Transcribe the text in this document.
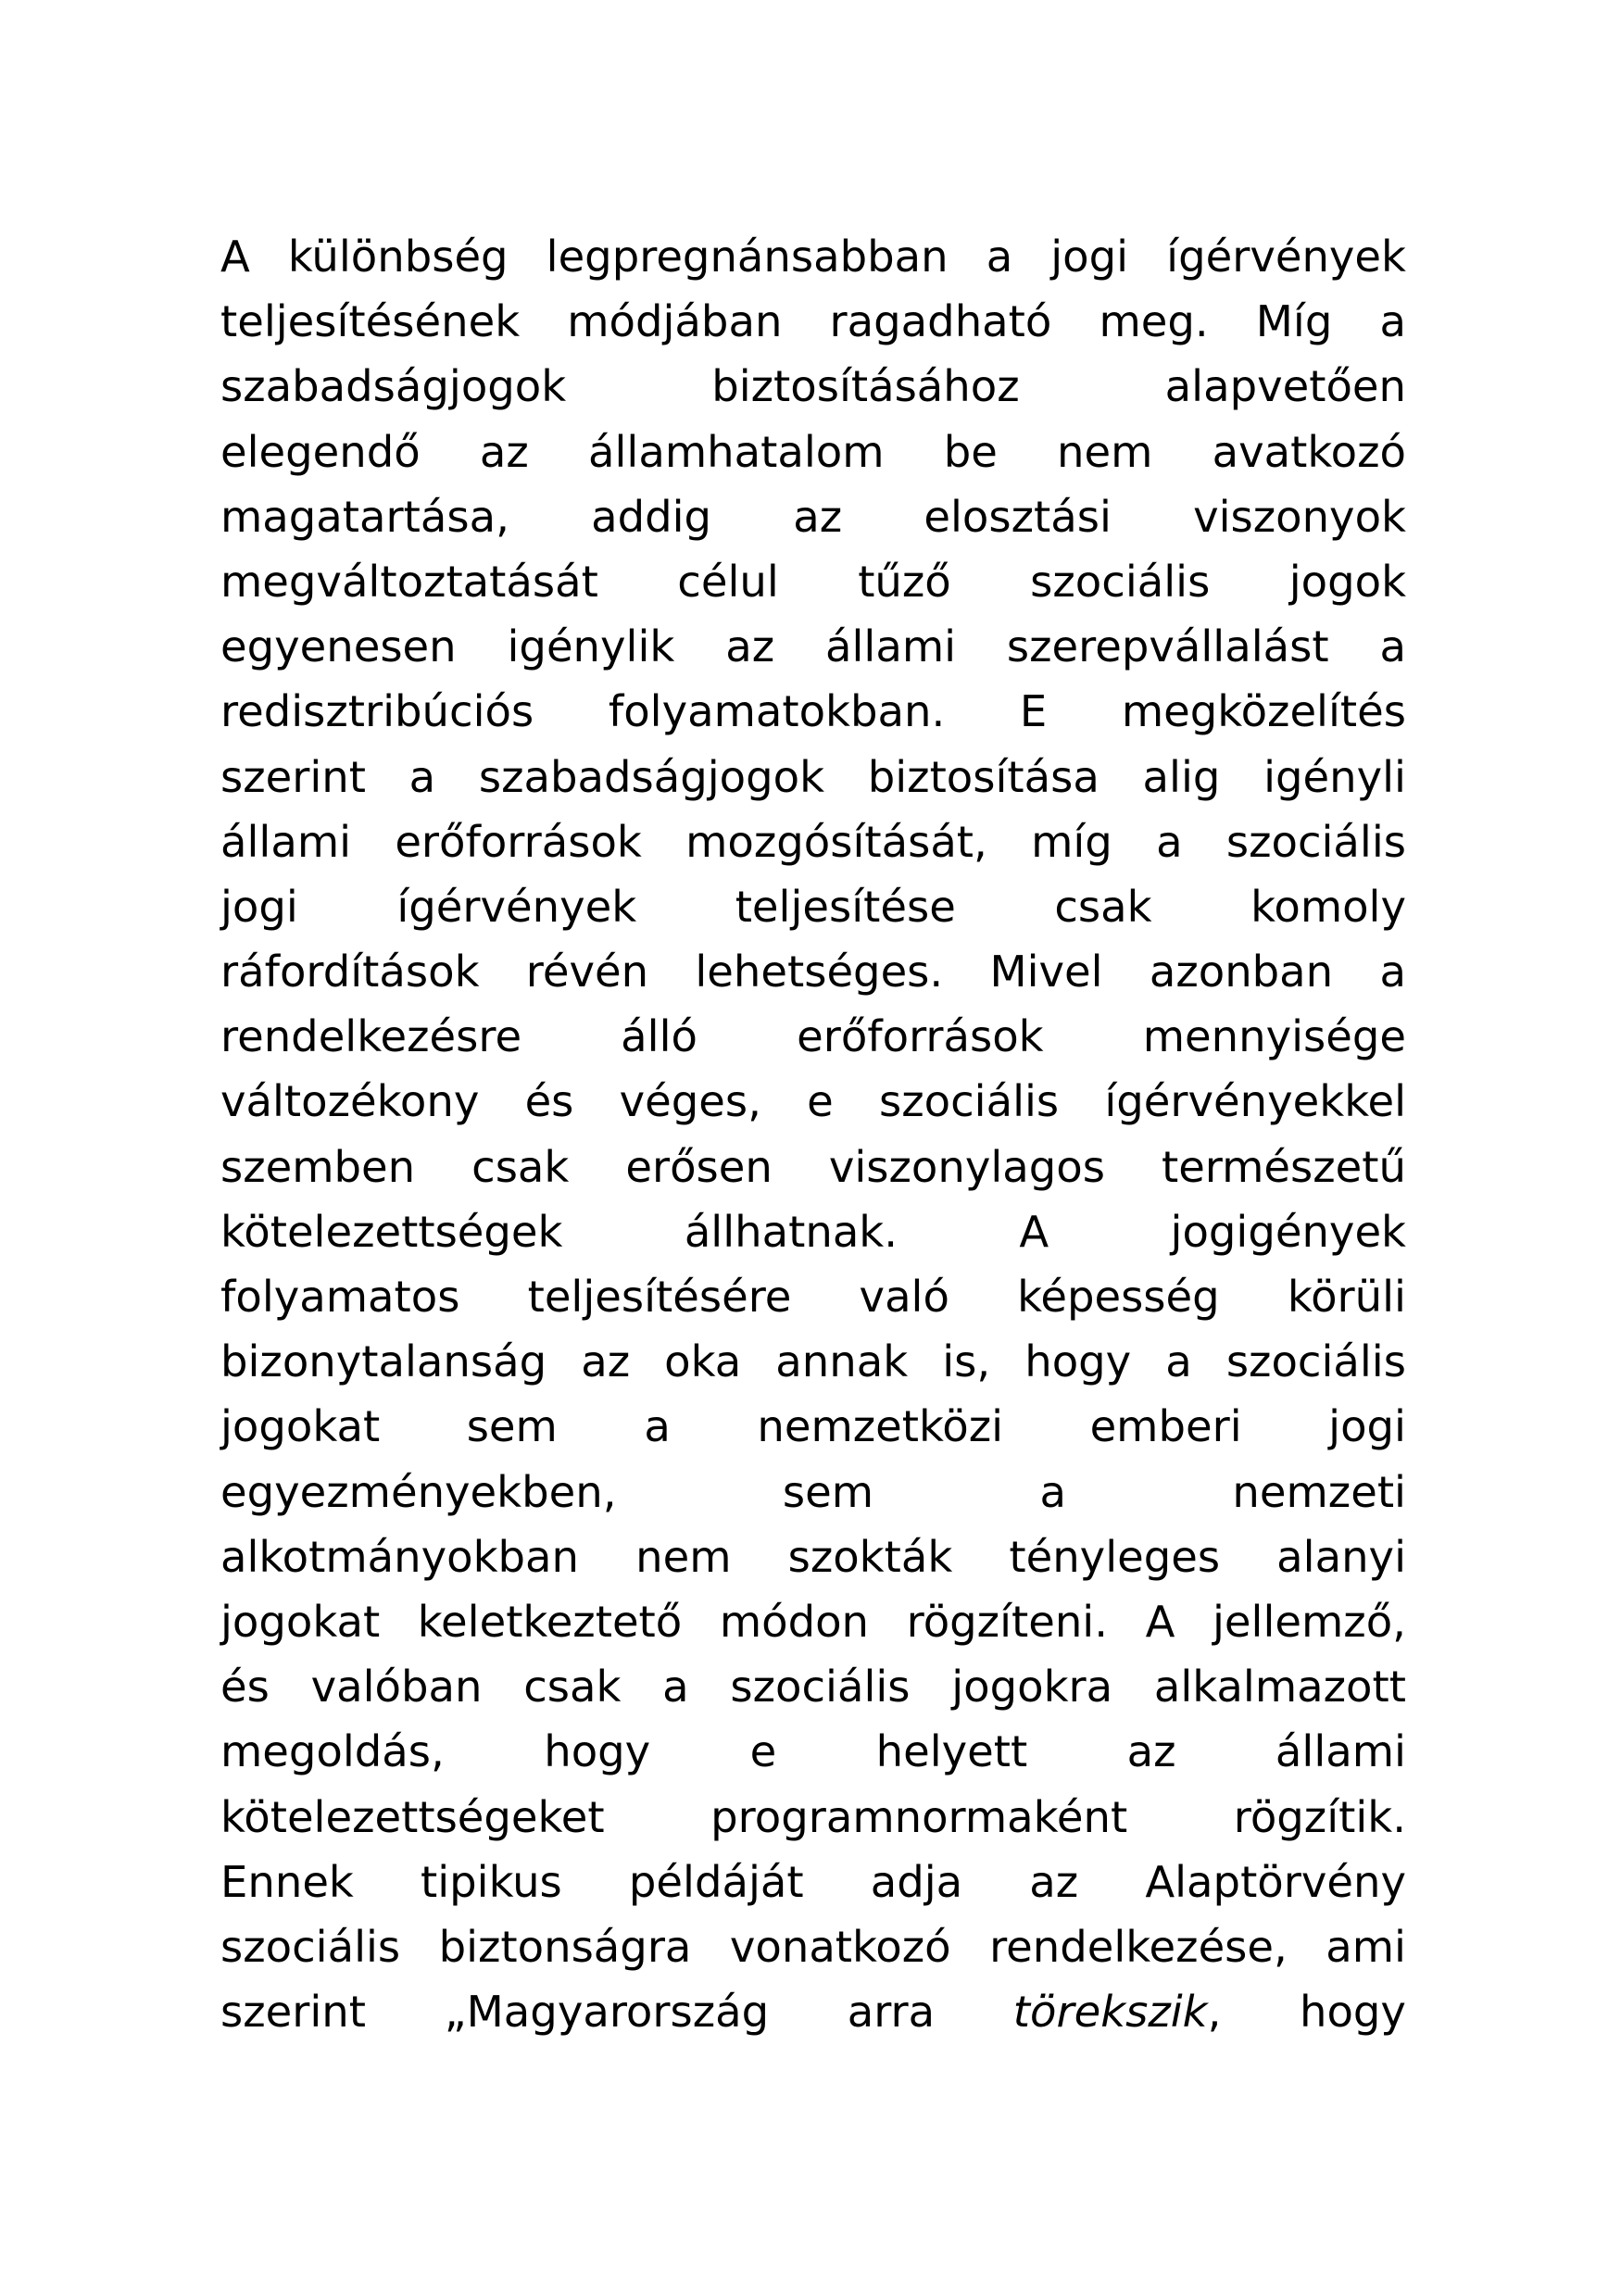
A különbség legpregnánsabban a jogi ígérvények
teljesítésének módjában ragadható meg. Míg a
szabadságjogok	biztosításához	alapvetően
elegendő az államhatalom be nem avatkozó
magatartása, addig az elosztási viszonyok
megváltoztatását célul tűző szociális jogok
egyenesen igénylik az állami szerepvállalást a
redisztribúciós folyamatokban. E megközelítés
szerint a szabadságjogok biztosítása alig igényli
állami erőforrások mozgósítását, míg a szociális
jogi ígérvények teljesítése csak komoly
ráfordítások révén lehetséges. Mivel azonban a
rendelkezésre álló erőforrások mennyisége
változékony és véges, e szociális ígérvényekkel
szemben csak erősen viszonylagos természetű
kötelezettségek	állhatnak.	A	jogigények
folyamatos teljesítésére való képesség körüli
bizonytalanság az oka annak is, hogy a szociális
jogokat sem a nemzetközi emberi jogi
egyezményekben,	sem	a	nemzeti
alkotmányokban nem szokták tényleges alanyi
jogokat keletkeztető módon rögzíteni. A jellemző,
és valóban csak a szociális jogokra alkalmazott
megoldás, hogy e helyett az állami
kötelezettségeket programnormaként rögzítik.
Ennek tipikus példáját adja az Alaptörvény
szociális biztonságra vonatkozó rendelkezése, ami
szerint „Magyarország arra törekszik, hogy
